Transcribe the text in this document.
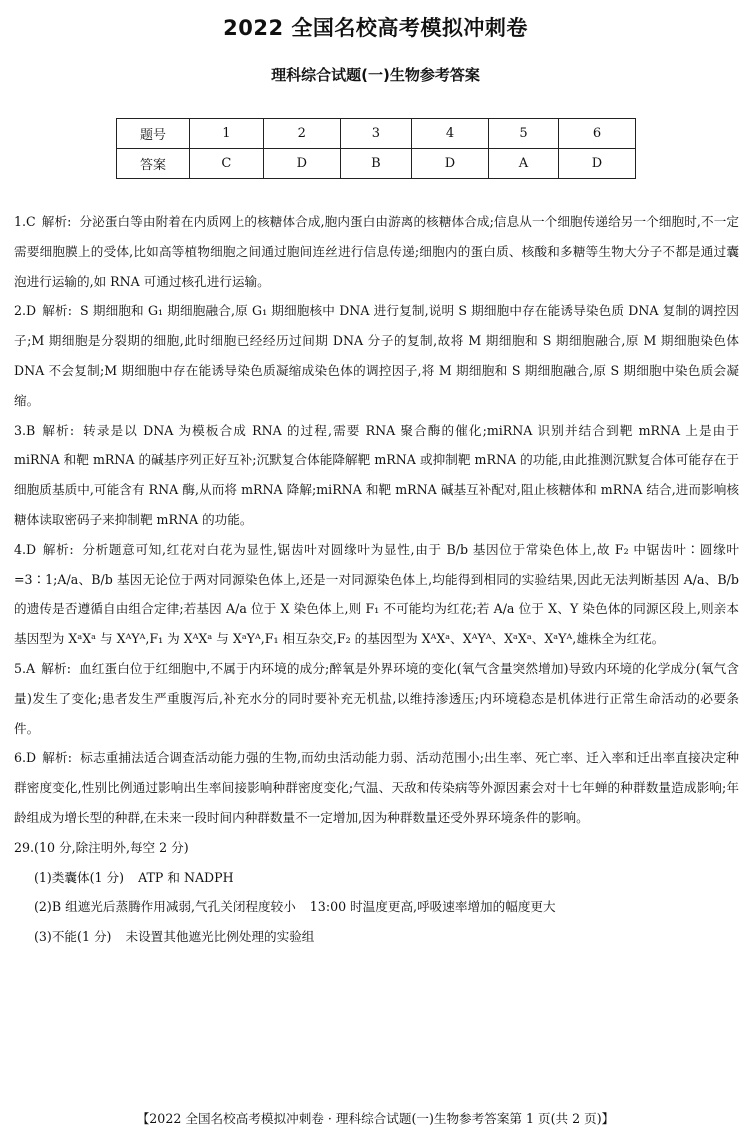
2022 全国名校高考模拟冲刺卷
理科综合试题(一)生物参考答案
题号	1	2	3	4	5	6
答案	C	D	B	D	A	D

1.C 解析: 分泌蛋白等由附着在内质网上的核糖体合成,胞内蛋白由游离的核糖体合成;信息从一个细胞传递给另一个细胞时,不一定需要细胞膜上的受体,比如高等植物细胞之间通过胞间连丝进行信息传递;细胞内的蛋白质、核酸和多糖等生物大分子不都是通过囊泡进行运输的,如 RNA 可通过核孔进行运输。

2.D 解析: S 期细胞和 G₁ 期细胞融合,原 G₁ 期细胞核中 DNA 进行复制,说明 S 期细胞中存在能诱导染色质 DNA 复制的调控因子;M 期细胞是分裂期的细胞,此时细胞已经经历过间期 DNA 分子的复制,故将 M 期细胞和 S 期细胞融合,原 M 期细胞染色体 DNA 不会复制;M 期细胞中存在能诱导染色质凝缩成染色体的调控因子,将 M 期细胞和 S 期细胞融合,原 S 期细胞中染色质会凝缩。

3.B 解析: 转录是以 DNA 为模板合成 RNA 的过程,需要 RNA 聚合酶的催化;miRNA 识别并结合到靶 mRNA 上是由于 miRNA 和靶 mRNA 的碱基序列正好互补;沉默复合体能降解靶 mRNA 或抑制靶 mRNA 的功能,由此推测沉默复合体可能存在于细胞质基质中,可能含有 RNA 酶,从而将 mRNA 降解;miRNA 和靶 mRNA 碱基互补配对,阻止核糖体和 mRNA 结合,进而影响核糖体读取密码子来抑制靶 mRNA 的功能。

4.D 解析: 分析题意可知,红花对白花为显性,锯齿叶对圆缘叶为显性,由于 B/b 基因位于常染色体上,故 F₂ 中锯齿叶∶圆缘叶=3∶1;A/a、B/b 基因无论位于两对同源染色体上,还是一对同源染色体上,均能得到相同的实验结果,因此无法判断基因 A/a、B/b 的遗传是否遵循自由组合定律;若基因 A/a 位于 X 染色体上,则 F₁ 不可能均为红花;若 A/a 位于 X、Y 染色体的同源区段上,则亲本基因型为 XᵃXᵃ 与 XᴬYᴬ,F₁ 为 XᴬXᵃ 与 XᵃYᴬ,F₁ 相互杂交,F₂ 的基因型为 XᴬXᵃ、XᴬYᴬ、XᵃXᵃ、XᵃYᴬ,雄株全为红花。

5.A 解析: 血红蛋白位于红细胞中,不属于内环境的成分;醉氧是外界环境的变化(氧气含量突然增加)导致内环境的化学成分(氧气含量)发生了变化;患者发生严重腹泻后,补充水分的同时要补充无机盐,以维持渗透压;内环境稳态是机体进行正常生命活动的必要条件。

6.D 解析: 标志重捕法适合调查活动能力强的生物,而幼虫活动能力弱、活动范围小;出生率、死亡率、迁入率和迁出率直接决定种群密度变化,性别比例通过影响出生率间接影响种群密度变化;气温、天敌和传染病等外源因素会对十七年蝉的种群数量造成影响;年龄组成为增长型的种群,在未来一段时间内种群数量不一定增加,因为种群数量还受外界环境条件的影响。

29.(10 分,除注明外,每空 2 分)

(1)类囊体(1 分) ATP 和 NADPH

(2)B 组遮光后蒸腾作用减弱,气孔关闭程度较小 13:00 时温度更高,呼吸速率增加的幅度更大

(3)不能(1 分) 未设置其他遮光比例处理的实验组

【2022 全国名校高考模拟冲刺卷 · 理科综合试题(一)生物参考答案第 1 页(共 2 页)】
